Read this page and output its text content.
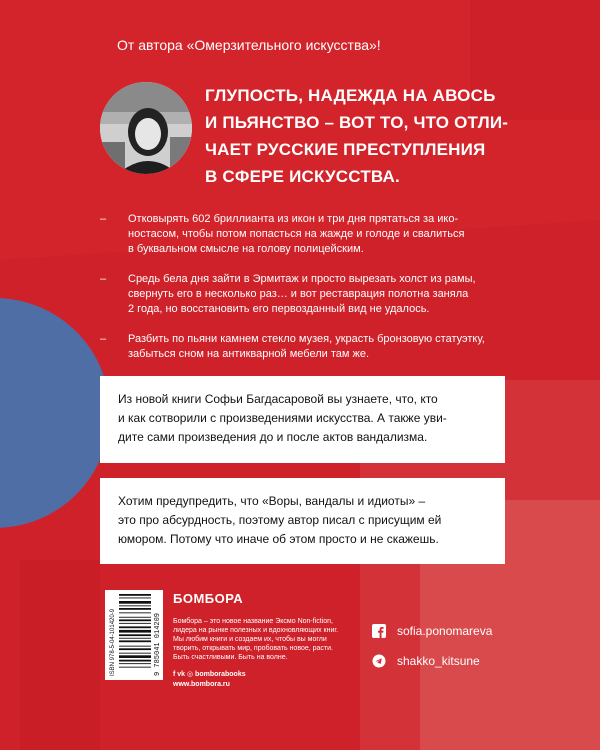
От автора «Омерзительного искусства»!
ГЛУПОСТЬ, НАДЕЖДА НА АВОСЬ
И ПЬЯНСТВО – ВОТ ТО, ЧТО ОТЛИ-
ЧАЕТ РУССКИЕ ПРЕСТУПЛЕНИЯ
В СФЕРЕ ИСКУССТВА.
–	Отковырять 602 бриллианта из икон и три дня прятаться за ико-
ностасом, чтобы потом попасться на жажде и голоде и свалиться
в буквальном смысле на голову полицейским.
–	Средь бела дня зайти в Эрмитаж и просто вырезать холст из рамы,
свернуть его в несколько раз… и вот реставрация полотна заняла
2 года, но восстановить его первозданный вид не удалось.
–	Разбить по пьяни камнем стекло музея, украсть бронзовую статуэтку,
забыться сном на антикварной мебели там же.
Из новой книги Софьи Багдасаровой вы узнаете, что, кто
и как сотворили с произведениями искусства. А также уви-
дите сами произведения до и после актов вандализма.
Хотим предупредить, что «Воры, вандалы и идиоты» –
это про абсурдность, поэтому автор писал с присущим ей
юмором. Потому что иначе об этом просто и не скажешь.
ISBN 978-5-04-101420-9	9 785041 014209
БОМБОРА
Бомбора – это новое название Эксмо Non-fiction,
лидера на рынке полезных и вдохновляющих книг.
Мы любим книги и создаем их, чтобы вы могли
творить, открывать мир, пробовать новое, расти.
Быть счастливыми. Быть на волне.
f vk ◎ bomborabooks
www.bombora.ru
sofia.ponomareva
shakko_kitsune
